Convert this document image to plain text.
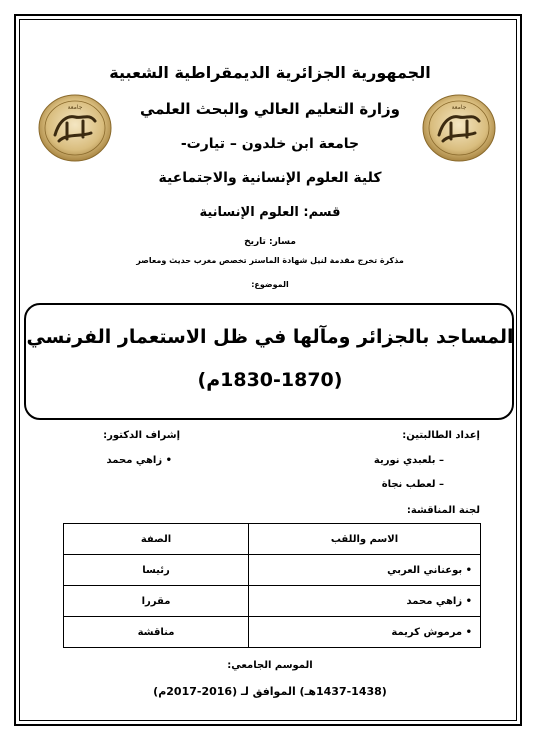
جامعة	جامعة
الجمهورية الجزائرية الديمقراطية الشعبية
وزارة التعليم العالي والبحث العلمي
جامعة ابن خلدون – تيارت-
كلية العلوم الإنسانية والاجتماعية
قسم: العلوم الإنسانية
مسار: تاريخ
مذكرة تخرج مقدمة لنيل شهادة الماستر تخصص مغرب حديث ومعاصر
الموضوع:
المساجد بالجزائر ومآلها في ظل الاستعمار الفرنسي
(1830-1870م)
إعداد الطالبتين:
– بلعبدي نورية
– لعطب نجاة
إشراف الدكتور:
• زاهي محمد
لجنة المناقشة:
الاسم واللقب	الصفة
• بوعناني العربي	رئيسا
• زاهي محمد	مقررا
• مرموش كريمة	مناقشة
الموسم الجامعي:
(1437-1438هـ) الموافق لـ (2016-2017م)
